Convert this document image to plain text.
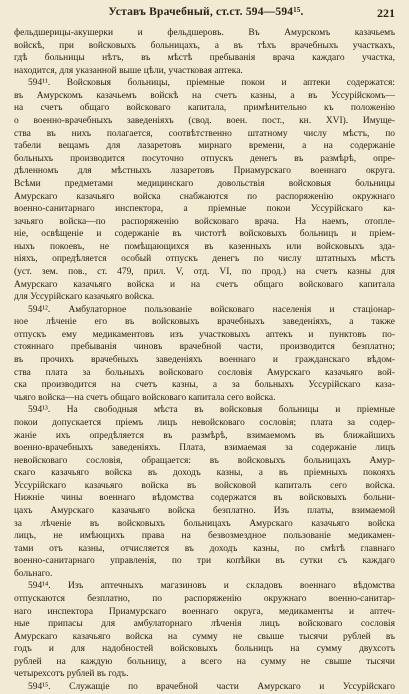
Уставъ Врачебный, ст.ст. 594—594¹⁵.	221
фельдшерицы-акушерки и фельдшеровъ. Въ Амурскомъ казачьемъ
войскѣ, при войсковыхъ больницахъ, а въ тѣхъ врачебныхъ участкахъ,
гдѣ больницы нѣтъ, въ мѣстѣ пребыванія врача каждаго участка,
находится, для указанной выше цѣли, участковая аптека.
594¹¹. Войсковыя больницы, пріемные покои и аптеки содержатся:
въ Амурскомъ казачьемъ войскѣ на счетъ казны, а въ Уссурійскомъ—
на счетъ общаго войсковаго капитала, примѣнительно къ положенію
о военно-врачебныхъ заведеніяхъ (свод. воен. пост., кн. XVI). Имуще-
ства въ нихъ полагается, соотвѣтственно штатному числу мѣстъ, по
табели вещамъ для лазаретовъ мирнаго времени, а на содержаніе
больныхъ производится посуточно отпускъ денегъ въ размѣрѣ, опре-
дѣленномъ для мѣстныхъ лазаретовъ Приамурскаго военнаго округа.
Всѣми предметами медицинскаго довольствія войсковыя больницы
Амурскаго казачьяго войска снабжаются по распоряженію окружнаго
военно-санитарнаго инспектора, а пріемные покои Уссурійскаго ка-
зачьяго войска—по распоряженію войсковаго врача. На наемъ, отопле-
ніе, освѣщеніе и содержаніе въ чистотѣ войсковыхъ больницъ и пріем-
ныхъ покоевъ, не помѣщающихся въ казенныхъ или войсковыхъ зда-
ніяхъ, опредѣляется особый отпускъ денегъ по числу штатныхъ мѣстъ
(уст. зем. пов., ст. 479, прил. V, отд. VI, по прод.) на счетъ казны для
Амурскаго казачьяго войска и на счетъ общаго войсковаго капитала
для Уссурійскаго казачьяго войска.
594¹². Амбулаторное пользованіе войсковаго населенія и стаціонар-
ное лѣченіе его въ войсковыхъ врачебныхъ заведеніяхъ, а также
отпускъ ему медикаментовъ изъ участковыхъ аптекъ и пунктовъ по-
стояннаго пребыванія чиновъ врачебной части, производится безплатно;
въ прочихъ врачебныхъ заведеніяхъ военнаго и гражданскаго вѣдом-
ства плата за больныхъ войсковаго сословія Амурскаго казачьяго вой-
ска производится на счетъ казны, а за больныхъ Уссурійскаго каза-
чьяго войска—на счетъ общаго войсковаго капитала сего войска.
594¹³. На свободныя мѣста въ войсковыя больницы и пріемные
покои допускается пріемъ лицъ невойсковаго сословія; плата за содер-
жаніе ихъ опредѣляется въ размѣрѣ, взимаемомъ въ ближайшихъ
военно-врачебныхъ заведеніяхъ. Плата, взимаемая за содержаніе лицъ
невойсковаго сословія, обращается: въ войсковыхъ больницахъ Амур-
скаго казачьяго войска въ доходъ казны, а въ пріемныхъ покояхъ
Уссурійскаго казачьяго войска въ войсковой капиталъ сего войска.
Нижніе чины военнаго вѣдомства содержатся въ войсковыхъ больни-
цахъ Амурскаго казачьяго войска безплатно. Изъ платы, взимаемой
за лѣченіе въ войсковыхъ больницахъ Амурскаго казачьяго войска
лицъ, не имѣющихъ права на безвозмездное пользованіе медикамен-
тами отъ казны, отчисляется въ доходъ казны, по смѣтѣ главнаго
военно-санитарнаго управленія, по три копѣйки въ сутки съ каждаго
больнаго.
594¹⁴. Изъ аптечныхъ магазиновъ и складовъ военнаго вѣдомства
отпускаются безплатно, по распоряженію окружнаго военно-санитар-
наго инспектора Приамурскаго военнаго округа, медикаменты и аптеч-
ные припасы для амбулаторнаго лѣченія лицъ войсковаго сословія
Амурскаго казачьяго войска на сумму не свыше тысячи рублей въ
годъ и для надобностей войсковыхъ больницъ на сумму двухсотъ
рублей на каждую больницу, а всего на сумму не свыше тысячи
четырехсотъ рублей въ годъ.
594¹⁵. Служащіе по врачебной части Амурскаго и Уссурійскаго
